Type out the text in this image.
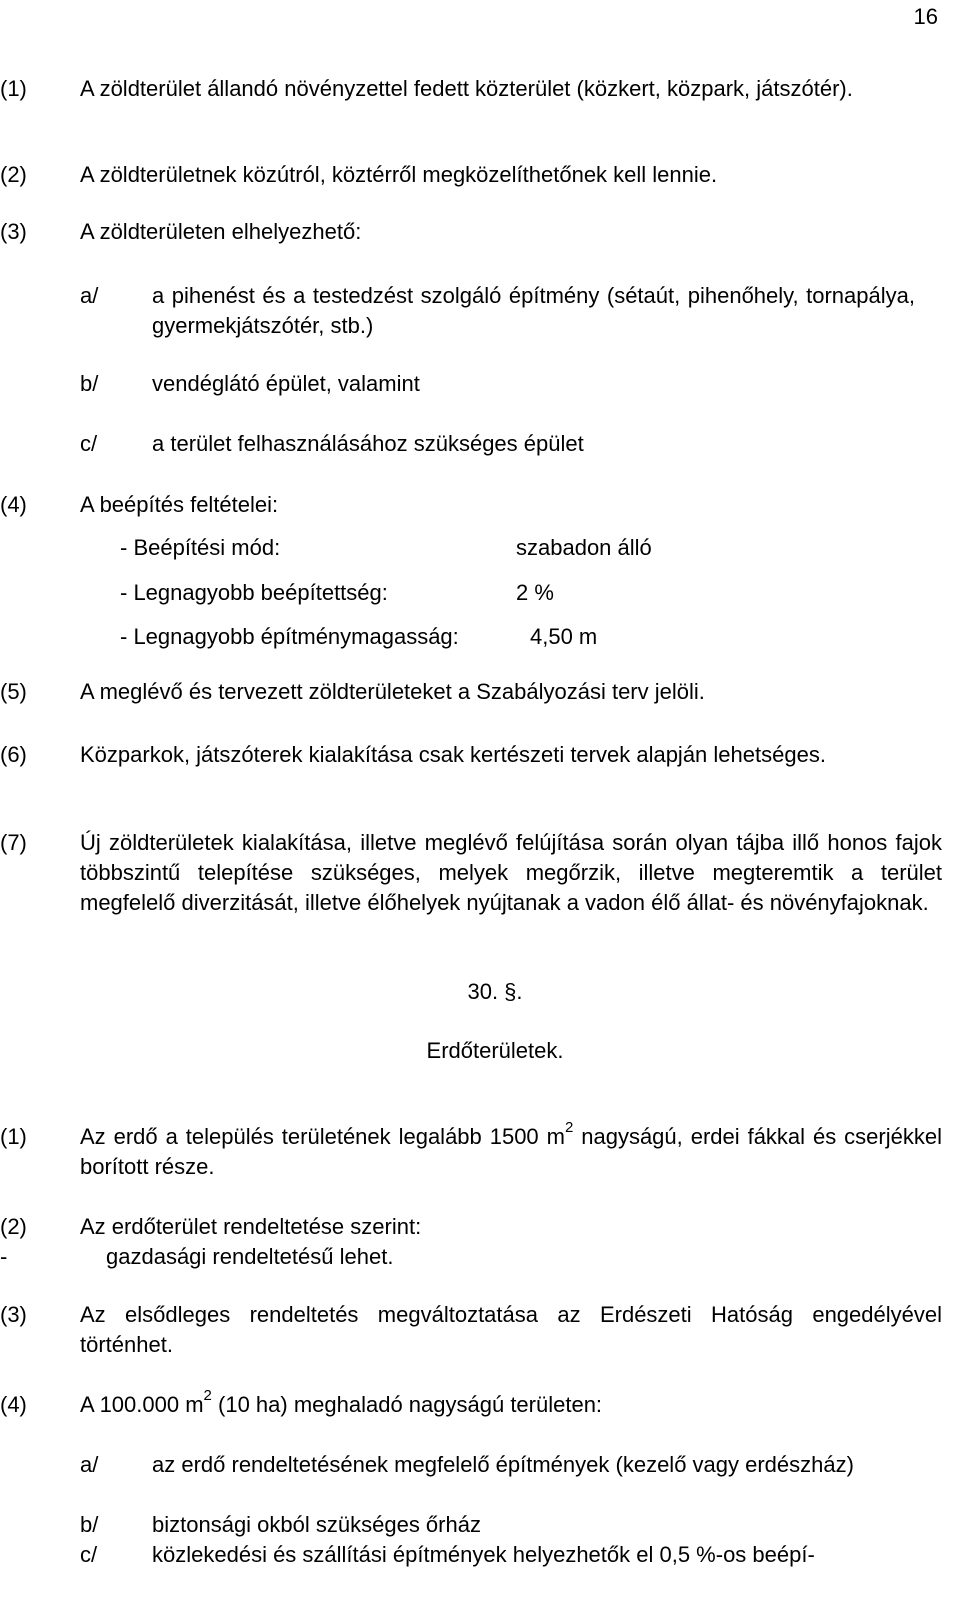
16
(1) A zöldterület állandó növényzettel fedett közterület (közkert, közpark, játszótér).
(2) A zöldterületnek közútról, köztérről megközelíthetőnek kell lennie.
(3) A zöldterületen elhelyezhető:
a/ a pihenést és a testedzést szolgáló építmény (sétaút, pihenőhely, tornapálya, gyermekjátszótér, stb.)
b/ vendéglátó épület, valamint
c/ a terület felhasználásához szükséges épület
(4) A beépítés feltételei:
- Beépítési mód:	szabadon álló
- Legnagyobb beépítettség:	2 %
- Legnagyobb építménymagasság:	4,50 m
(5) A meglévő és tervezett zöldterületeket a Szabályozási terv jelöli.
(6) Közparkok, játszóterek kialakítása csak kertészeti tervek alapján lehetséges.
(7) Új zöldterületek kialakítása, illetve meglévő felújítása során olyan tájba illő honos fajok többszintű telepítése szükséges, melyek megőrzik, illetve megteremtik a terület megfelelő diverzitását, illetve élőhelyek nyújtanak a vadon élő állat- és növényfajoknak.
30. §.
Erdőterületek.
(1) Az erdő a település területének legalább 1500 $m^2$ nagyságú, erdei fákkal és cserjékkel borított része.
(2) Az erdőterület rendeltetése szerint:
-	gazdasági rendeltetésű lehet.
(3) Az elsődleges rendeltetés megváltoztatása az Erdészeti Hatóság engedélyével történhet.
(4) A 100.000 $m^2$ (10 ha) meghaladó nagyságú területen:
a/ az erdő rendeltetésének megfelelő építmények (kezelő vagy erdészház)
b/ biztonsági okból szükséges őrház
c/ közlekedési és szállítási építmények helyezhetők el 0,5 %-os beépí-
